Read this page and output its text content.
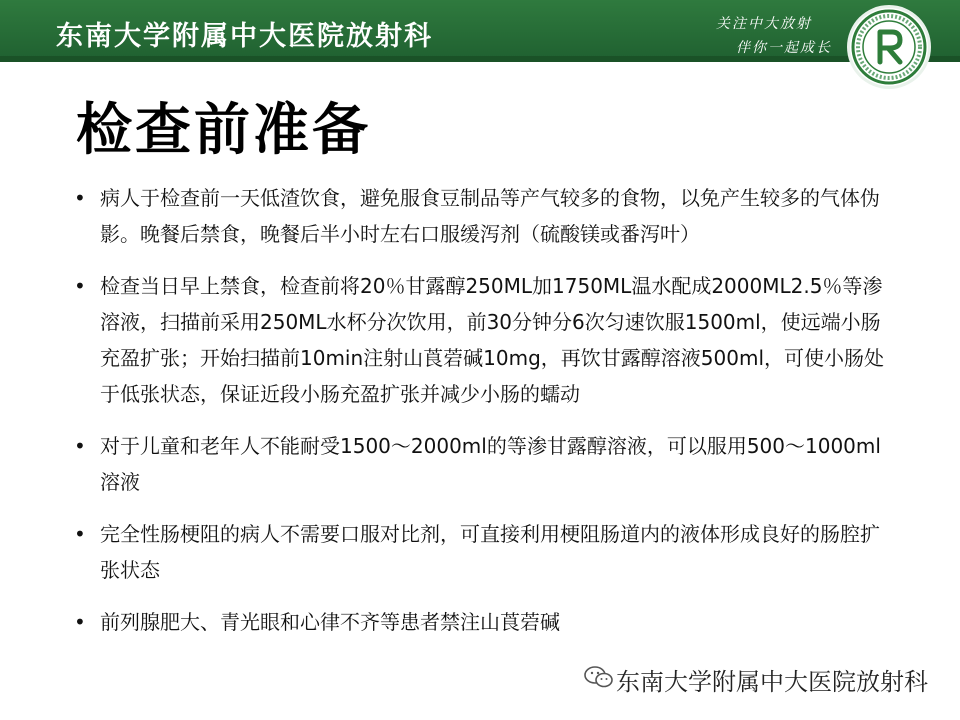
东南大学附属中大医院放射科	关注中大放射
伴你一起成长
检查前准备
• 病人于检查前一天低渣饮食，避免服食豆制品等产气较多的食物，以免产生较多的气体伪影。晚餐后禁食，晚餐后半小时左右口服缓泻剂（硫酸镁或番泻叶）
• 检查当日早上禁食，检查前将20％甘露醇250ML加1750ML温水配成2000ML2.5％等渗溶液，扫描前采用250ML水杯分次饮用，前30分钟分6次匀速饮服1500ml，使远端小肠充盈扩张；开始扫描前10min注射山莨菪碱10mg，再饮甘露醇溶液500ml，可使小肠处于低张状态，保证近段小肠充盈扩张并减少小肠的蠕动
• 对于儿童和老年人不能耐受1500～2000ml的等渗甘露醇溶液，可以服用500～1000ml溶液
• 完全性肠梗阻的病人不需要口服对比剂，可直接利用梗阻肠道内的液体形成良好的肠腔扩张状态
• 前列腺肥大、青光眼和心律不齐等患者禁注山莨菪碱
东南大学附属中大医院放射科
